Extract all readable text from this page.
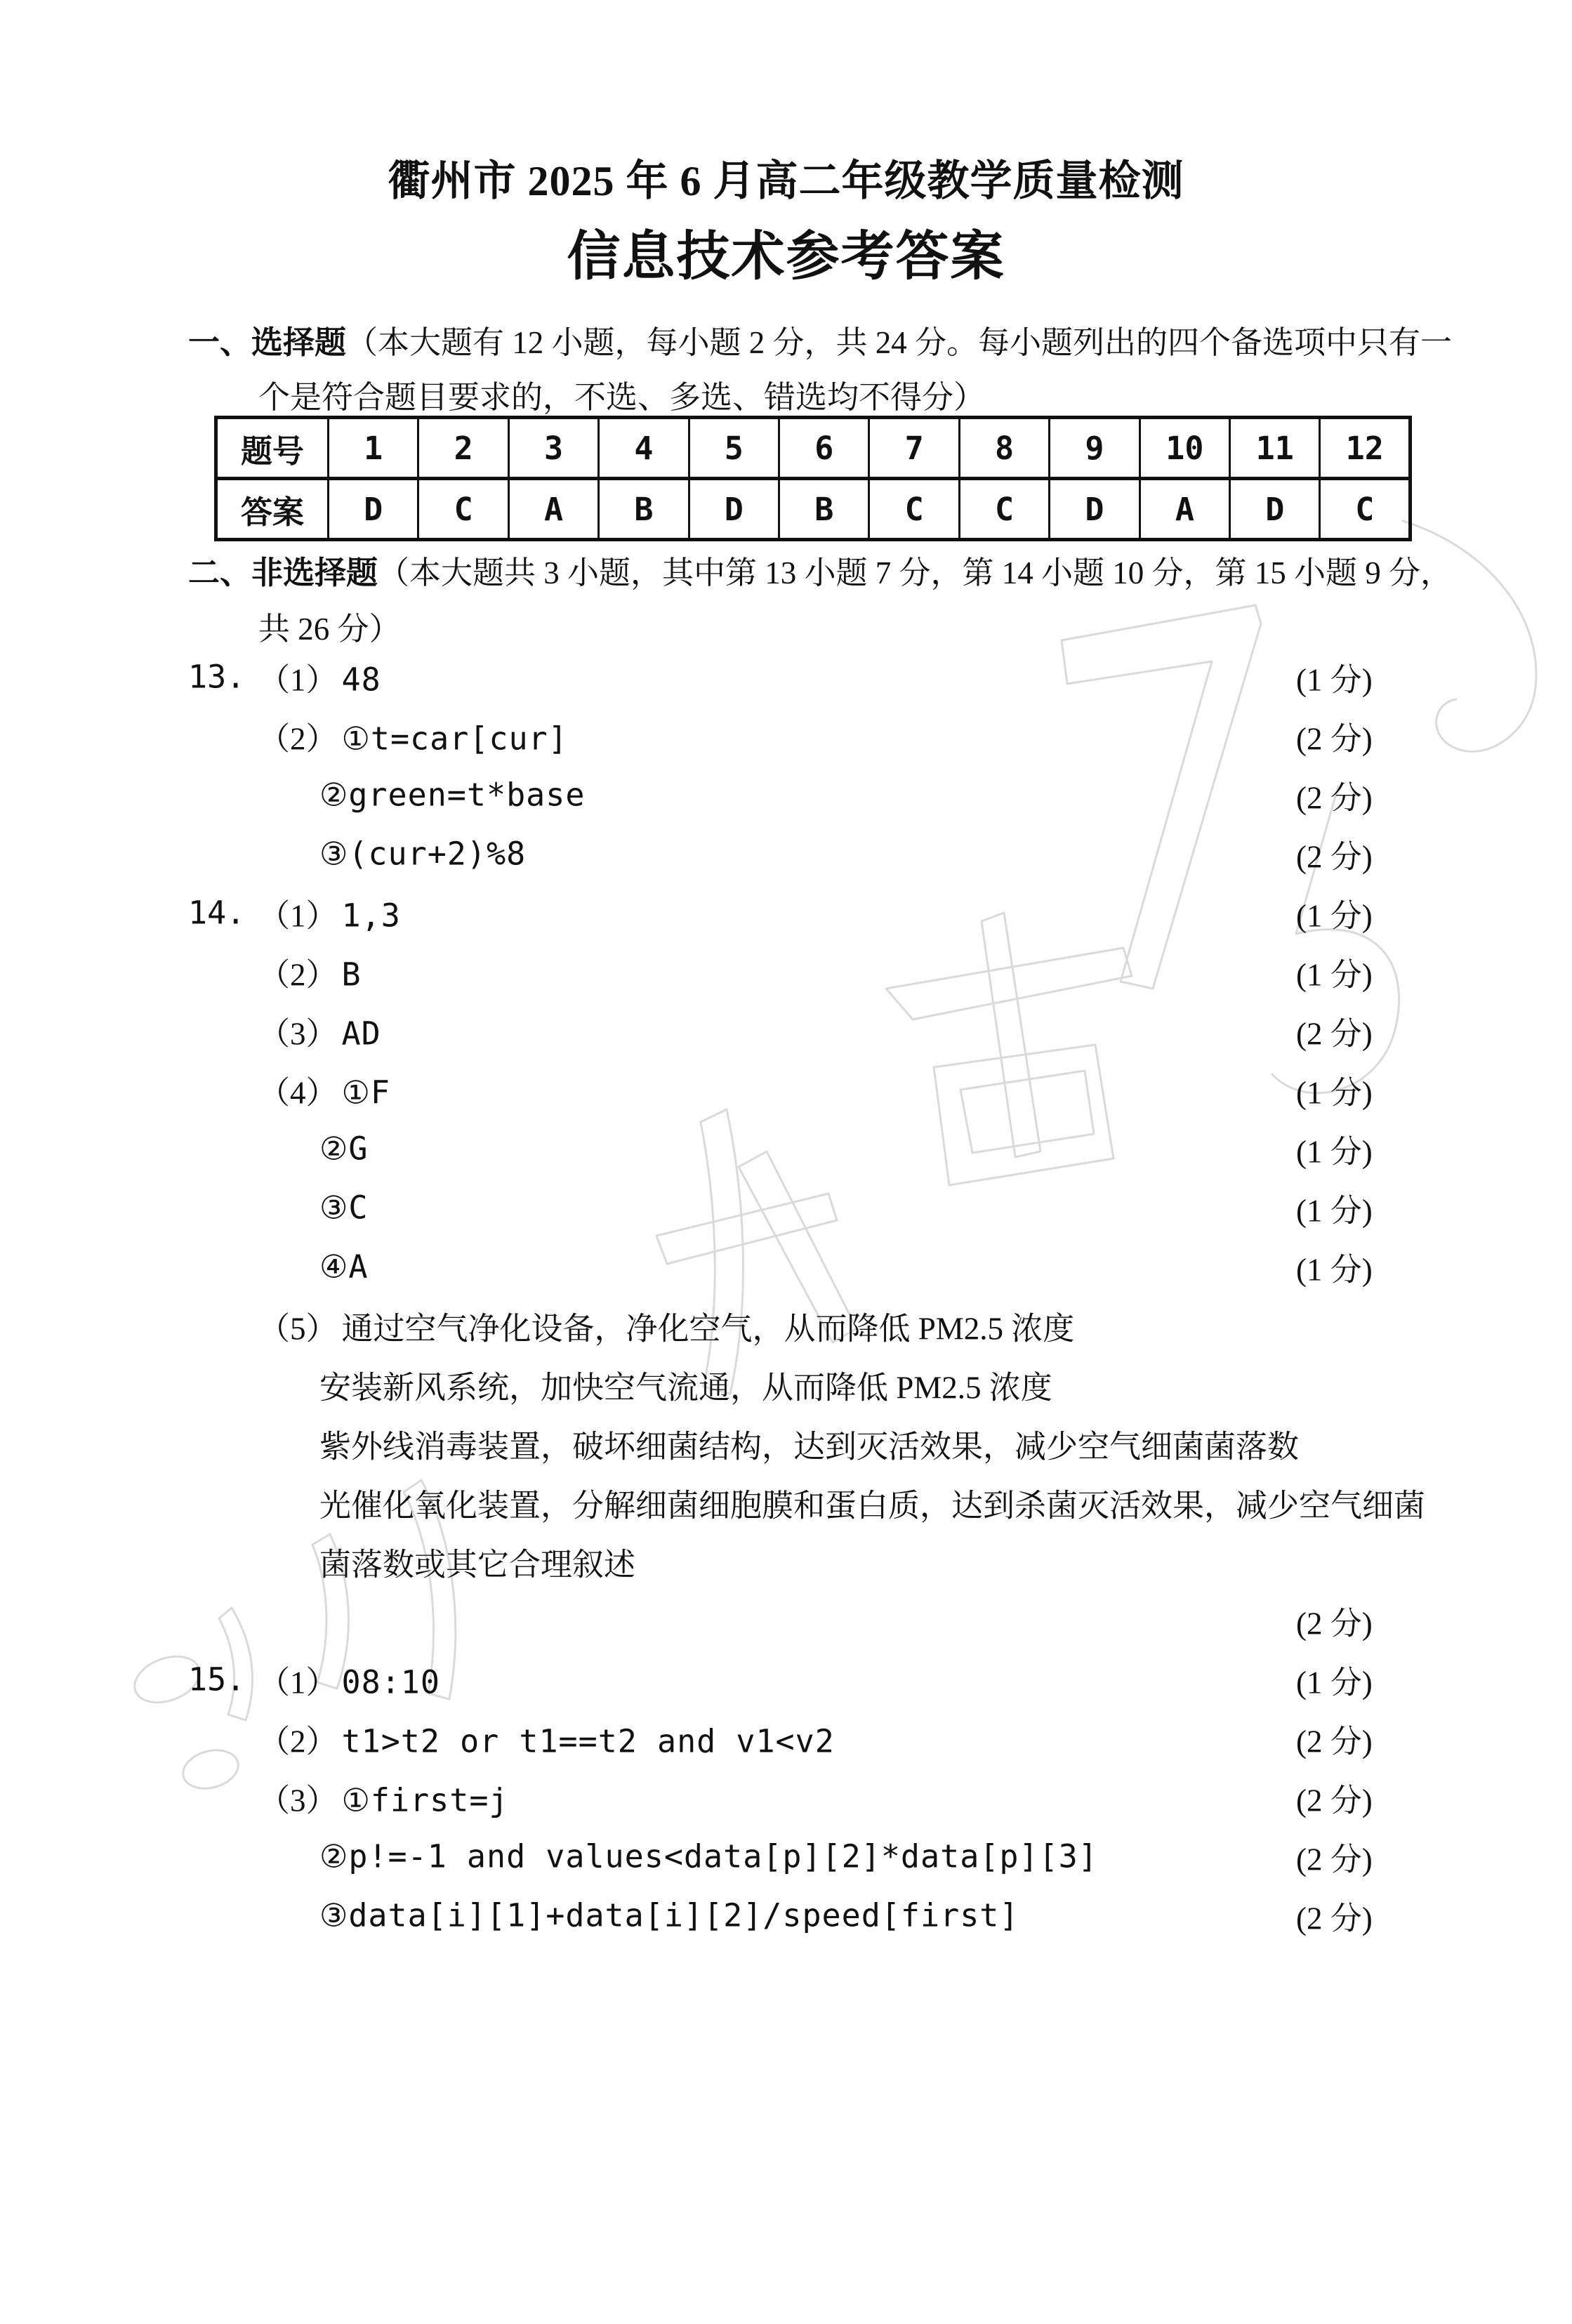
衢州市 2025 年 6 月高二年级教学质量检测
信息技术参考答案
一、选择题（本大题有 12 小题，每小题 2 分，共 24 分。每小题列出的四个备选项中只有一
个是符合题目要求的，不选、多选、错选均不得分）
题号	1	2	3	4	5	6	7	8	9	10	11	12
答案	D	C	A	B	D	B	C	C	D	A	D	C
二、非选择题（本大题共 3 小题，其中第 13 小题 7 分，第 14 小题 10 分，第 15 小题 9 分，
共 26 分）
13. （1） 48	(1 分)
（2） ①t=car[cur]	(2 分)
②green=t*base	(2 分)
③(cur+2)%8	(2 分)
14. （1） 1,3	(1 分)
（2） B	(1 分)
（3） AD	(2 分)
（4） ①F	(1 分)
②G	(1 分)
③C	(1 分)
④A	(1 分)
（5） 通过空气净化设备，净化空气，从而降低 PM2.5 浓度
安装新风系统，加快空气流通，从而降低 PM2.5 浓度
紫外线消毒装置，破坏细菌结构，达到灭活效果，减少空气细菌菌落数
光催化氧化装置，分解细菌细胞膜和蛋白质，达到杀菌灭活效果，减少空气细菌
菌落数或其它合理叙述
(2 分)
15. （1） 08:10	(1 分)
（2） t1>t2 or t1==t2 and v1<v2	(2 分)
（3） ①first=j	(2 分)
②p!=-1 and values<data[p][2]*data[p][3]	(2 分)
③data[i][1]+data[i][2]/speed[first]	(2 分)
